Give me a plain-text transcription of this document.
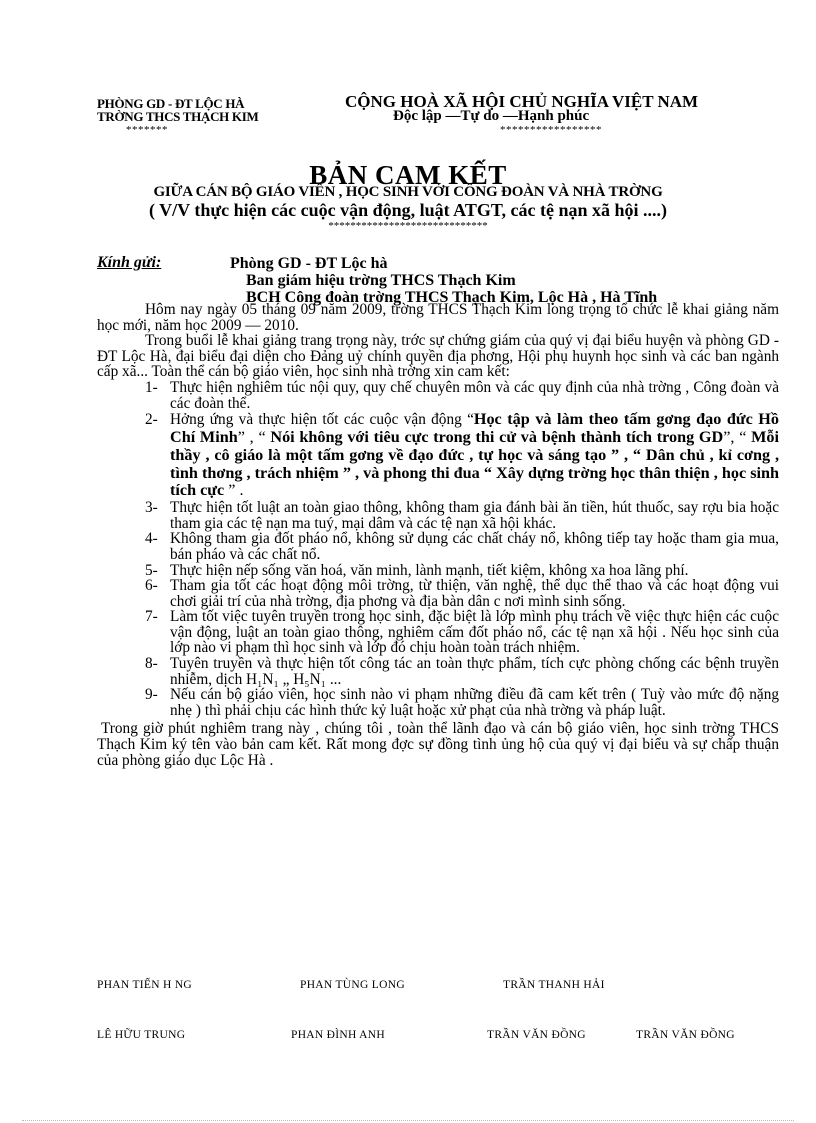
PHÒNG GD - ĐT LỘC HÀ
TRỜNG THCS THẠCH KIM
*******
CỘNG HOÀ XÃ HỘI CHỦ NGHĨA VIỆT NAM
Độc lập —Tự do —Hạnh phúc
*****************
BẢN CAM KẾT
GIỮA CÁN BỘ GIÁO VIÊN , HỌC SINH VỚI CÔNG ĐOÀN VÀ NHÀ TRỜNG
( V/V thực hiện các cuộc vận động, luật ATGT, các tệ nạn xã hội ....)
*****************************
Kính gửi:	Phòng GD - ĐT Lộc hà
Ban giám hiệu trờng THCS Thạch Kim
BCH Công đoàn trờng THCS Thạch Kim, Lộc Hà , Hà Tĩnh

Hôm nay ngày 05 tháng 09 năm 2009, trờng THCS Thạch Kim long trọng tổ chức lễ khai giảng năm học mới, năm học 2009 — 2010.

Trong buổi lễ khai giảng trang trọng này, trớc sự chứng giám của quý vị đại biểu huyện và phòng GD - ĐT Lộc Hà, đại biểu đại diện cho Đảng uỷ chính quyền địa phơng, Hội phụ huynh học sinh và các ban ngành cấp xã... Toàn thể cán bộ giáo viên, học sinh nhà trờng xin cam kết:

1- Thực hiện nghiêm túc nội quy, quy chế chuyên môn và các quy định của nhà trờng , Công đoàn và các đoàn thể.
2- Hởng ứng và thực hiện tốt các cuộc vận động “Học tập và làm theo tấm gơng đạo đức Hồ Chí Minh” , “ Nói không với tiêu cực trong thi cử và bệnh thành tích trong GD”, “ Mỗi thầy , cô giáo là một tấm gơng về đạo đức , tự học và sáng tạo ” , “ Dân chủ , kỉ cơng , tình thơng , trách nhiệm ” , và phong thi đua “ Xây dựng trờng học thân thiện , học sinh tích cực ” .
3- Thực hiện tốt luật an toàn giao thông, không tham gia đánh bài ăn tiền, hút thuốc, say rợu bia hoặc tham gia các tệ nạn ma tuý, mại dâm và các tệ nạn xã hội khác.
4- Không tham gia đốt pháo nổ, không sử dụng các chất cháy nổ, không tiếp tay hoặc tham gia mua, bán pháo và các chất nổ.
5- Thực hiện nếp sống văn hoá, văn minh, lành mạnh, tiết kiệm, không xa hoa lãng phí.
6- Tham gia tốt các hoạt động môi trờng, từ thiện, văn nghệ, thể dục thể thao và các hoạt động vui chơi giải trí của nhà trờng, địa phơng và địa bàn dân c nơi mình sinh sống.
7- Làm tốt việc tuyên truyền trong học sinh, đặc biệt là lớp mình phụ trách về việc thực hiện các cuộc vận động, luật an toàn giao thông, nghiêm cấm đốt pháo nổ, các tệ nạn xã hội . Nếu học sinh của lớp nào vi phạm thì học sinh và lớp đó chịu hoàn toàn trách nhiệm.
8- Tuyên truyền và thực hiện tốt công tác an toàn thực phẩm, tích cực phòng chống các bệnh truyền nhiễm, dịch H₁N₁ „ H₅N₁ ...
9- Nếu cán bộ giáo viên, học sinh nào vi phạm những điều đã cam kết trên ( Tuỳ vào mức độ nặng nhẹ ) thì phải chịu các hình thức kỷ luật hoặc xử phạt của nhà trờng và pháp luật.

Trong giờ phút nghiêm trang này , chúng tôi , toàn thể lãnh đạo và cán bộ giáo viên, học sinh trờng THCS Thạch Kim ký tên vào bản cam kết. Rất mong đợc sự đồng tình ủng hộ của quý vị đại biểu và sự chấp thuận của phòng giáo dục Lộc Hà .

PHAN TIẾN H NG	PHAN TÙNG LONG	TRẦN THANH HẢI
LÊ HỮU TRUNG	PHAN ĐÌNH ANH	TRẦN VĂN ĐỒNG	TRẦN VĂN ĐỒNG
